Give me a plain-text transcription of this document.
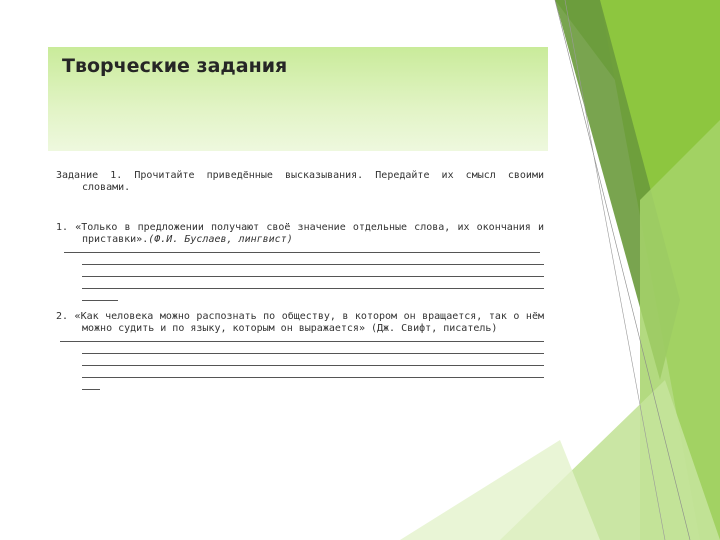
Творческие задания

Задание 1. Прочитайте приведённые высказывания. Передайте их смысл своими словами.

1. «Только в предложении получают своё значение отдельные слова, их окончания и приставки».(Ф.И. Буслаев, лингвист)

2. «Как человека можно распознать по обществу, в котором он вращается, так о нём можно судить и по языку, которым он выражается» (Дж. Свифт, писатель)
